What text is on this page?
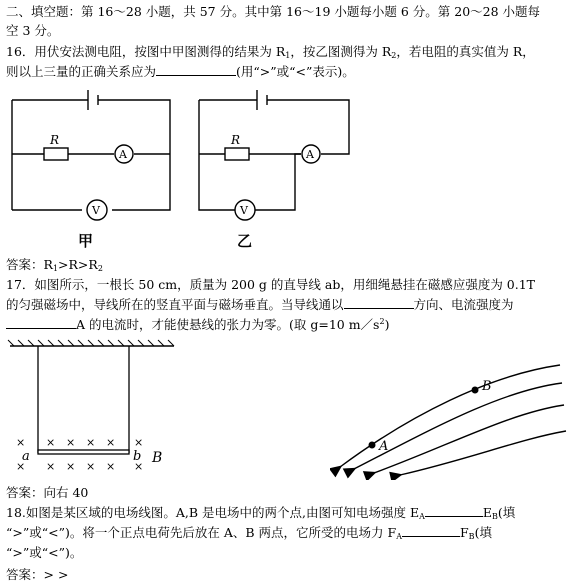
二、填空题：第 16～28 小题，共 57 分。其中第 16～19 小题每小题 6 分。第 20～28 小题每
空 3 分。
16．用伏安法测电阻，按图中甲图测得的结果为 $R_1$，按乙图测得为 $R_2$，若电阻的真实值为 R，
则以上三量的正确关系应为	(用“>”或“<”表示)。
R
A
V
甲
R
A
V
乙
答案：$R_1>R>R_2$
17．如图所示，一根长 50 cm，质量为 200 g 的直导线 ab，用细绳悬挂在磁感应强度为 0.1T
的匀强磁场中，导线所在的竖直平面与磁场垂直。当导线通以	方向、电流强度为
A 的电流时，才能使悬线的张力为零。(取 g=10 $m/s^2$)
× × × × × ×
× × × × ×
×
a	b B
B
A
答案：向右 40
18.如图是某区域的电场线图。A,B 是电场中的两个点,由图可知电场强度 $E_A$	$E_B$(填
“>”或“<”)。将一个正点电荷先后放在 A、B 两点，它所受的电场力 $F_A$	$F_B$(填
“>”或“<”)。
答案：> >
